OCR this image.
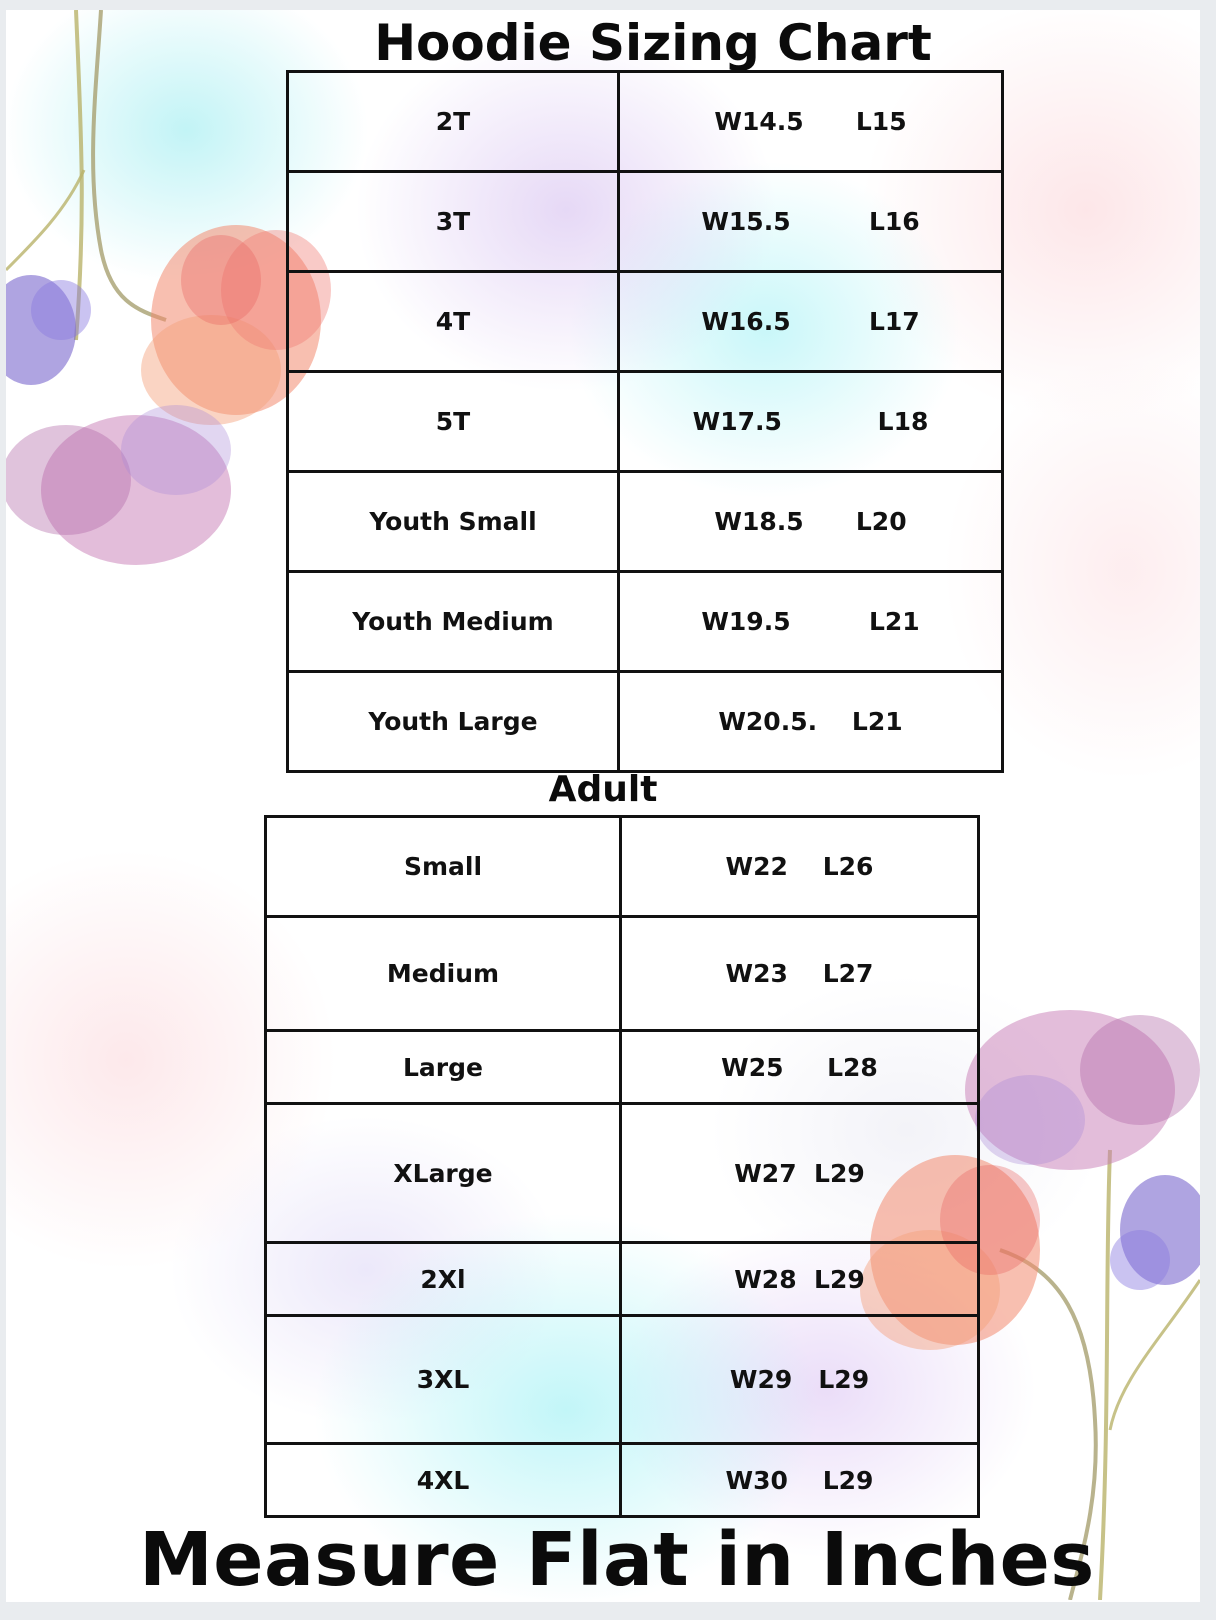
Hoodie Sizing Chart
2T	W14.5 L15
3T	W15.5 L16
4T	W16.5 L17
5T	W17.5 L18
Youth Small	W18.5 L20
Youth Medium	W19.5 L21
Youth Large	W20.5. L21
Adult
Small	W22 L26
Medium	W23 L27
Large	W25 L28
XLarge	W27 L29
2Xl	W28 L29
3XL	W29 L29
4XL	W30 L29
Measure Flat in Inches
